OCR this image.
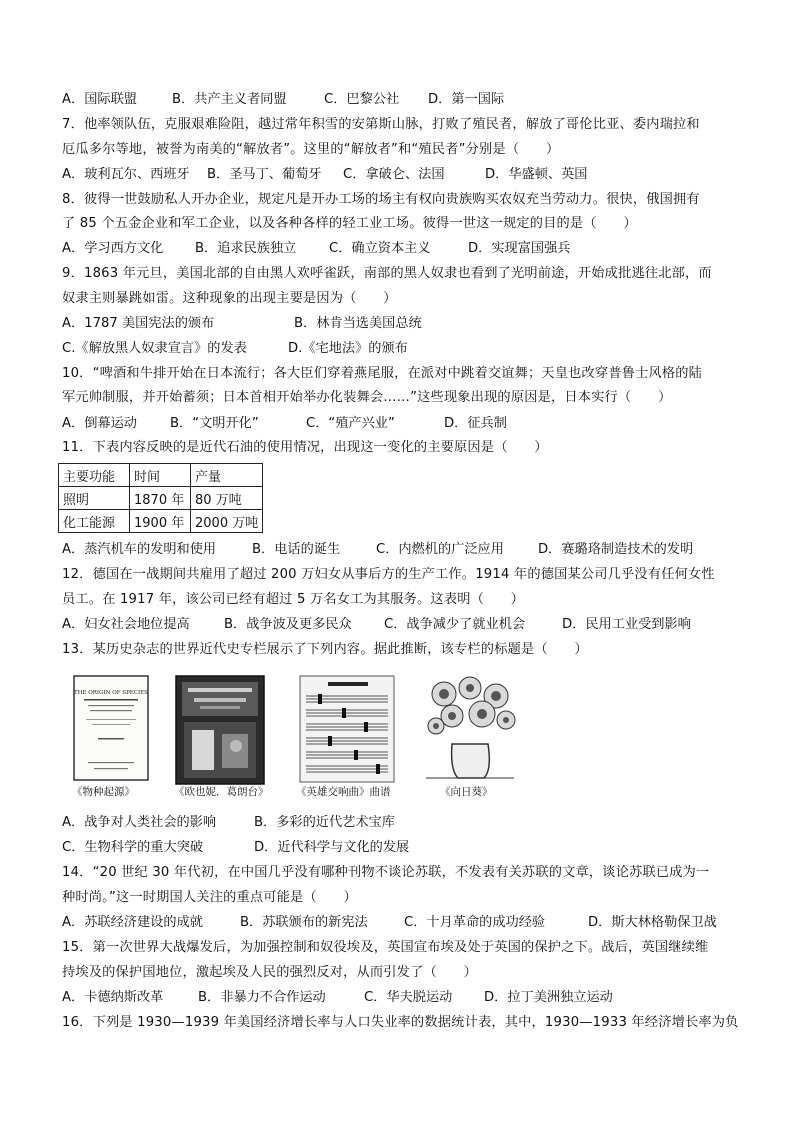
A．国际联盟	B．共产主义者同盟	C．巴黎公社 D．第一国际
7．他率领队伍，克服艰难险阻，越过常年积雪的安第斯山脉，打败了殖民者，解放了哥伦比亚、委内瑞拉和
厄瓜多尔等地，被誉为南美的“解放者”。这里的“解放者”和“殖民者”分别是（　　）
A．玻利瓦尔、西班牙 B．圣马丁、葡萄牙 C．拿破仑、法国	D．华盛顿、英国
8．彼得一世鼓励私人开办企业，规定凡是开办工场的场主有权向贵族购买农奴充当劳动力。很快，俄国拥有
了 85 个五金企业和军工企业，以及各种各样的轻工业工场。彼得一世这一规定的目的是（　　）
A．学习西方文化 B．追求民族独立 C．确立资本主义	D．实现富国强兵
9．1863 年元旦，美国北部的自由黑人欢呼雀跃，南部的黑人奴隶也看到了光明前途，开始成批逃往北部，而
奴隶主则暴跳如雷。这种现象的出现主要是因为（　　）
A．1787 美国宪法的颁布	B．林肯当选美国总统
C.《解放黑人奴隶宣言》的发表	D.《宅地法》的颁布
10．“啤酒和牛排开始在日本流行；各大臣们穿着燕尾服，在派对中跳着交谊舞；天皇也改穿普鲁士风格的陆
军元帅制服，并开始蓄须；日本首相开始举办化装舞会……”这些现象出现的原因是，日本实行（　　）
A．倒幕运动	B．“文明开化”	C．“殖产兴业”	D．征兵制
11．下表内容反映的是近代石油的使用情况，出现这一变化的主要原因是（　　）
主要功能	时间	产量
照明	1870 年	80 万吨
化工能源	1900 年	2000 万吨
A．蒸汽机车的发明和使用	B．电话的诞生	C．内燃机的广泛应用	D．赛璐珞制造技术的发明
12．德国在一战期间共雇用了超过 200 万妇女从事后方的生产工作。1914 年的德国某公司几乎没有任何女性
员工。在 1917 年，该公司已经有超过 5 万名女工为其服务。这表明（　　）
A．妇女社会地位提高	B．战争波及更多民众 C．战争减少了就业机会	D．民用工业受到影响
13．某历史杂志的世界近代史专栏展示了下列内容。据此推断，该专栏的标题是（　　）
THE ORIGIN OF SPECIES
《物种起源》	《欧也妮．葛朗台》	《英雄交响曲》曲谱	《向日葵》
A．战争对人类社会的影响	B．多彩的近代艺术宝库
C．生物科学的重大突破	D．近代科学与文化的发展
14．“20 世纪 30 年代初，在中国几乎没有哪种刊物不谈论苏联，不发表有关苏联的文章，谈论苏联已成为一
种时尚。”这一时期国人关注的重点可能是（　　）
A．苏联经济建设的成就	B．苏联颁布的新宪法	C．十月革命的成功经验	D．斯大林格勒保卫战
15．第一次世界大战爆发后，为加强控制和奴役埃及，英国宣布埃及处于英国的保护之下。战后，英国继续维
持埃及的保护国地位，激起埃及人民的强烈反对，从而引发了（　　）
A．卡德纳斯改革	B．非暴力不合作运动	C．华夫脱运动 D．拉丁美洲独立运动
16．下列是 1930—1939 年美国经济增长率与人口失业率的数据统计表，其中，1930—1933 年经济增长率为负
